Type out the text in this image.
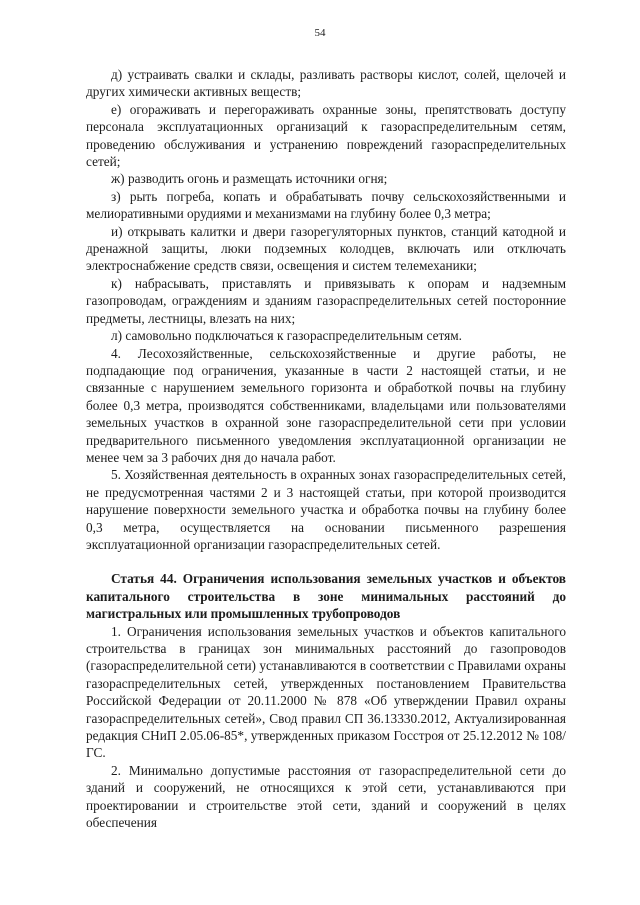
54

д) устраивать свалки и склады, разливать растворы кислот, солей, щелочей и других химически активных веществ;

е) огораживать и перегораживать охранные зоны, препятствовать доступу персонала эксплуатационных организаций к газораспределительным сетям, проведению обслуживания и устранению повреждений газораспределительных сетей;

ж) разводить огонь и размещать источники огня;

з) рыть погреба, копать и обрабатывать почву сельскохозяйственными и мелиоративными орудиями и механизмами на глубину более 0,3 метра;

и) открывать калитки и двери газорегуляторных пунктов, станций катодной и дренажной защиты, люки подземных колодцев, включать или отключать электроснабжение средств связи, освещения и систем телемеханики;

к) набрасывать, приставлять и привязывать к опорам и надземным газопроводам, ограждениям и зданиям газораспределительных сетей посторонние предметы, лестницы, влезать на них;

л) самовольно подключаться к газораспределительным сетям.

4. Лесохозяйственные, сельскохозяйственные и другие работы, не подпадающие под ограничения, указанные в части 2 настоящей статьи, и не связанные с нарушением земельного горизонта и обработкой почвы на глубину более 0,3 метра, производятся собственниками, владельцами или пользователями земельных участков в охранной зоне газораспределительной сети при условии предварительного письменного уведомления эксплуатационной организации не менее чем за 3 рабочих дня до начала работ.

5. Хозяйственная деятельность в охранных зонах газораспределительных сетей, не предусмотренная частями 2 и 3 настоящей статьи, при которой производится нарушение поверхности земельного участка и обработка почвы на глубину более 0,3 метра, осуществляется на основании письменного разрешения эксплуатационной организации газораспределительных сетей.

Статья 44. Ограничения использования земельных участков и объектов капитального строительства в зоне минимальных расстояний до магистральных или промышленных трубопроводов

1. Ограничения использования земельных участков и объектов капитального строительства в границах зон минимальных расстояний до газопроводов (газораспределительной сети) устанавливаются в соответствии с Правилами охраны газораспределительных сетей, утвержденных постановлением Правительства Российской Федерации от 20.11.2000 № 878 «Об утверждении Правил охраны газораспределительных сетей», Свод правил СП 36.13330.2012, Актуализированная редакция СНиП 2.05.06-85*, утвержденных приказом Госстроя от 25.12.2012 № 108/ГС.

2. Минимально допустимые расстояния от газораспределительной сети до зданий и сооружений, не относящихся к этой сети, устанавливаются при проектировании и строительстве этой сети, зданий и сооружений в целях обеспечения
